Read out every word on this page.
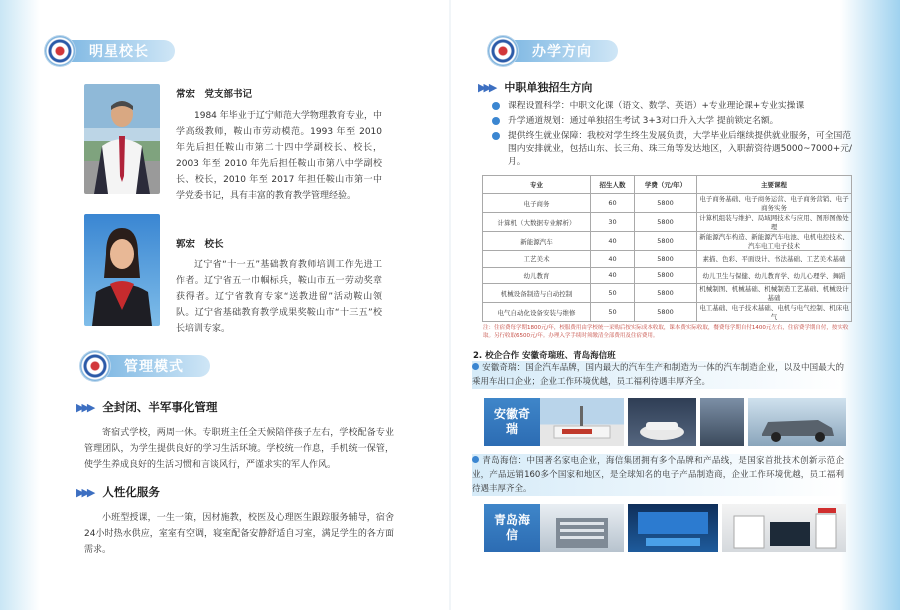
明星校长
常宏　党支部书记
1984 年毕业于辽宁师范大学物理教育专业，中学高级教师，鞍山市劳动模范。1993 年至 2010 年先后担任鞍山市第二十四中学副校长、校长，2003 年至 2010 年先后担任鞍山市第八中学副校长、校长，2010 年至 2017 年担任鞍山市第一中学党委书记，具有丰富的教育教学管理经验。
郭宏　校长
辽宁省“十一五”基础教育教师培训工作先进工作者。辽宁省五一巾帼标兵，鞍山市五一劳动奖章获得者。辽宁省教育专家“送教进留”活动鞍山领队。辽宁省基础教育教学成果奖鞍山市“十三五”校长培训专家。
管理模式
▶▶▶ 全封闭、半军事化管理
寄宿式学校，两周一休。专职班主任全天候陪伴孩子左右，学校配备专业管理团队，为学生提供良好的学习生活环境。学校统一作息，手机统一保管，使学生养成良好的生活习惯和言谈风行，严谨求实的军人作风。
▶▶▶ 人性化服务
小班型授课，一生一策，因材施教，校医及心理医生跟踪服务辅导，宿舍24小时热水供应，室室有空调，寝室配备安静舒适自习室，满足学生的各方面需求。
办学方向
▶▶▶ 中职单独招生方向
课程设置科学：中职文化课（语文、数学、英语）+专业理论课+专业实操课
升学通道规划：通过单独招生考试 3+3对口升入大学 提前锁定名额。
提供终生就业保障：我校对学生终生发展负责，大学毕业后继续提供就业服务，可全国范围内安排就业，包括山东、长三角、珠三角等发达地区，入职薪资待遇5000~7000+元/月。
专业	招生人数	学费（元/年）	主要课程
电子商务	60	5800	电子商务基础、电子商务运营、电子商务营销、电子商务实务
计算机（大数据专业解析）	30	5800	计算机组装与维护、局域网技术与应用、图形图像处理
新能源汽车	40	5800	新能源汽车构造、新能源汽车电池、电机电控技术、汽车电工电子技术
工艺美术	40	5800	素描、色彩、平面设计、书法基础、工艺美术基础
幼儿教育	40	5800	幼儿卫生与保健、幼儿教育学、幼儿心理学、舞蹈
机械设备制造与自动控制	50	5800	机械制图、机械基础、机械制造工艺基础、机械设计基础
电气自动化设备安装与维修	50	5800	电工基础、电子技术基础、电机与电气控制、机床电气
注：住宿费每学期1800元/年，校服费用由学校统一采购后按实际成本收取，课本费实际收取，餐费每学期自付1400元左右，住宿费学期自付，按实收取。另行收取6500元/年。办理入学手续时须缴清全部费用及住宿费用。
2. 校企合作 安徽奇瑞班、青岛海信班
安徽奇瑞：国企汽车品牌，国内最大的汽车生产和制造为一体的汽车制造企业，以及中国最大的乘用车出口企业；企业工作环境优越，员工福利待遇丰厚齐全。
安徽奇瑞
青岛海信：中国著名家电企业，海信集团拥有多个品牌和产品线，是国家首批技术创新示范企业，产品远销160多个国家和地区，是全球知名的电子产品制造商，企业工作环境优越，员工福利待遇丰厚齐全。
青岛海信
